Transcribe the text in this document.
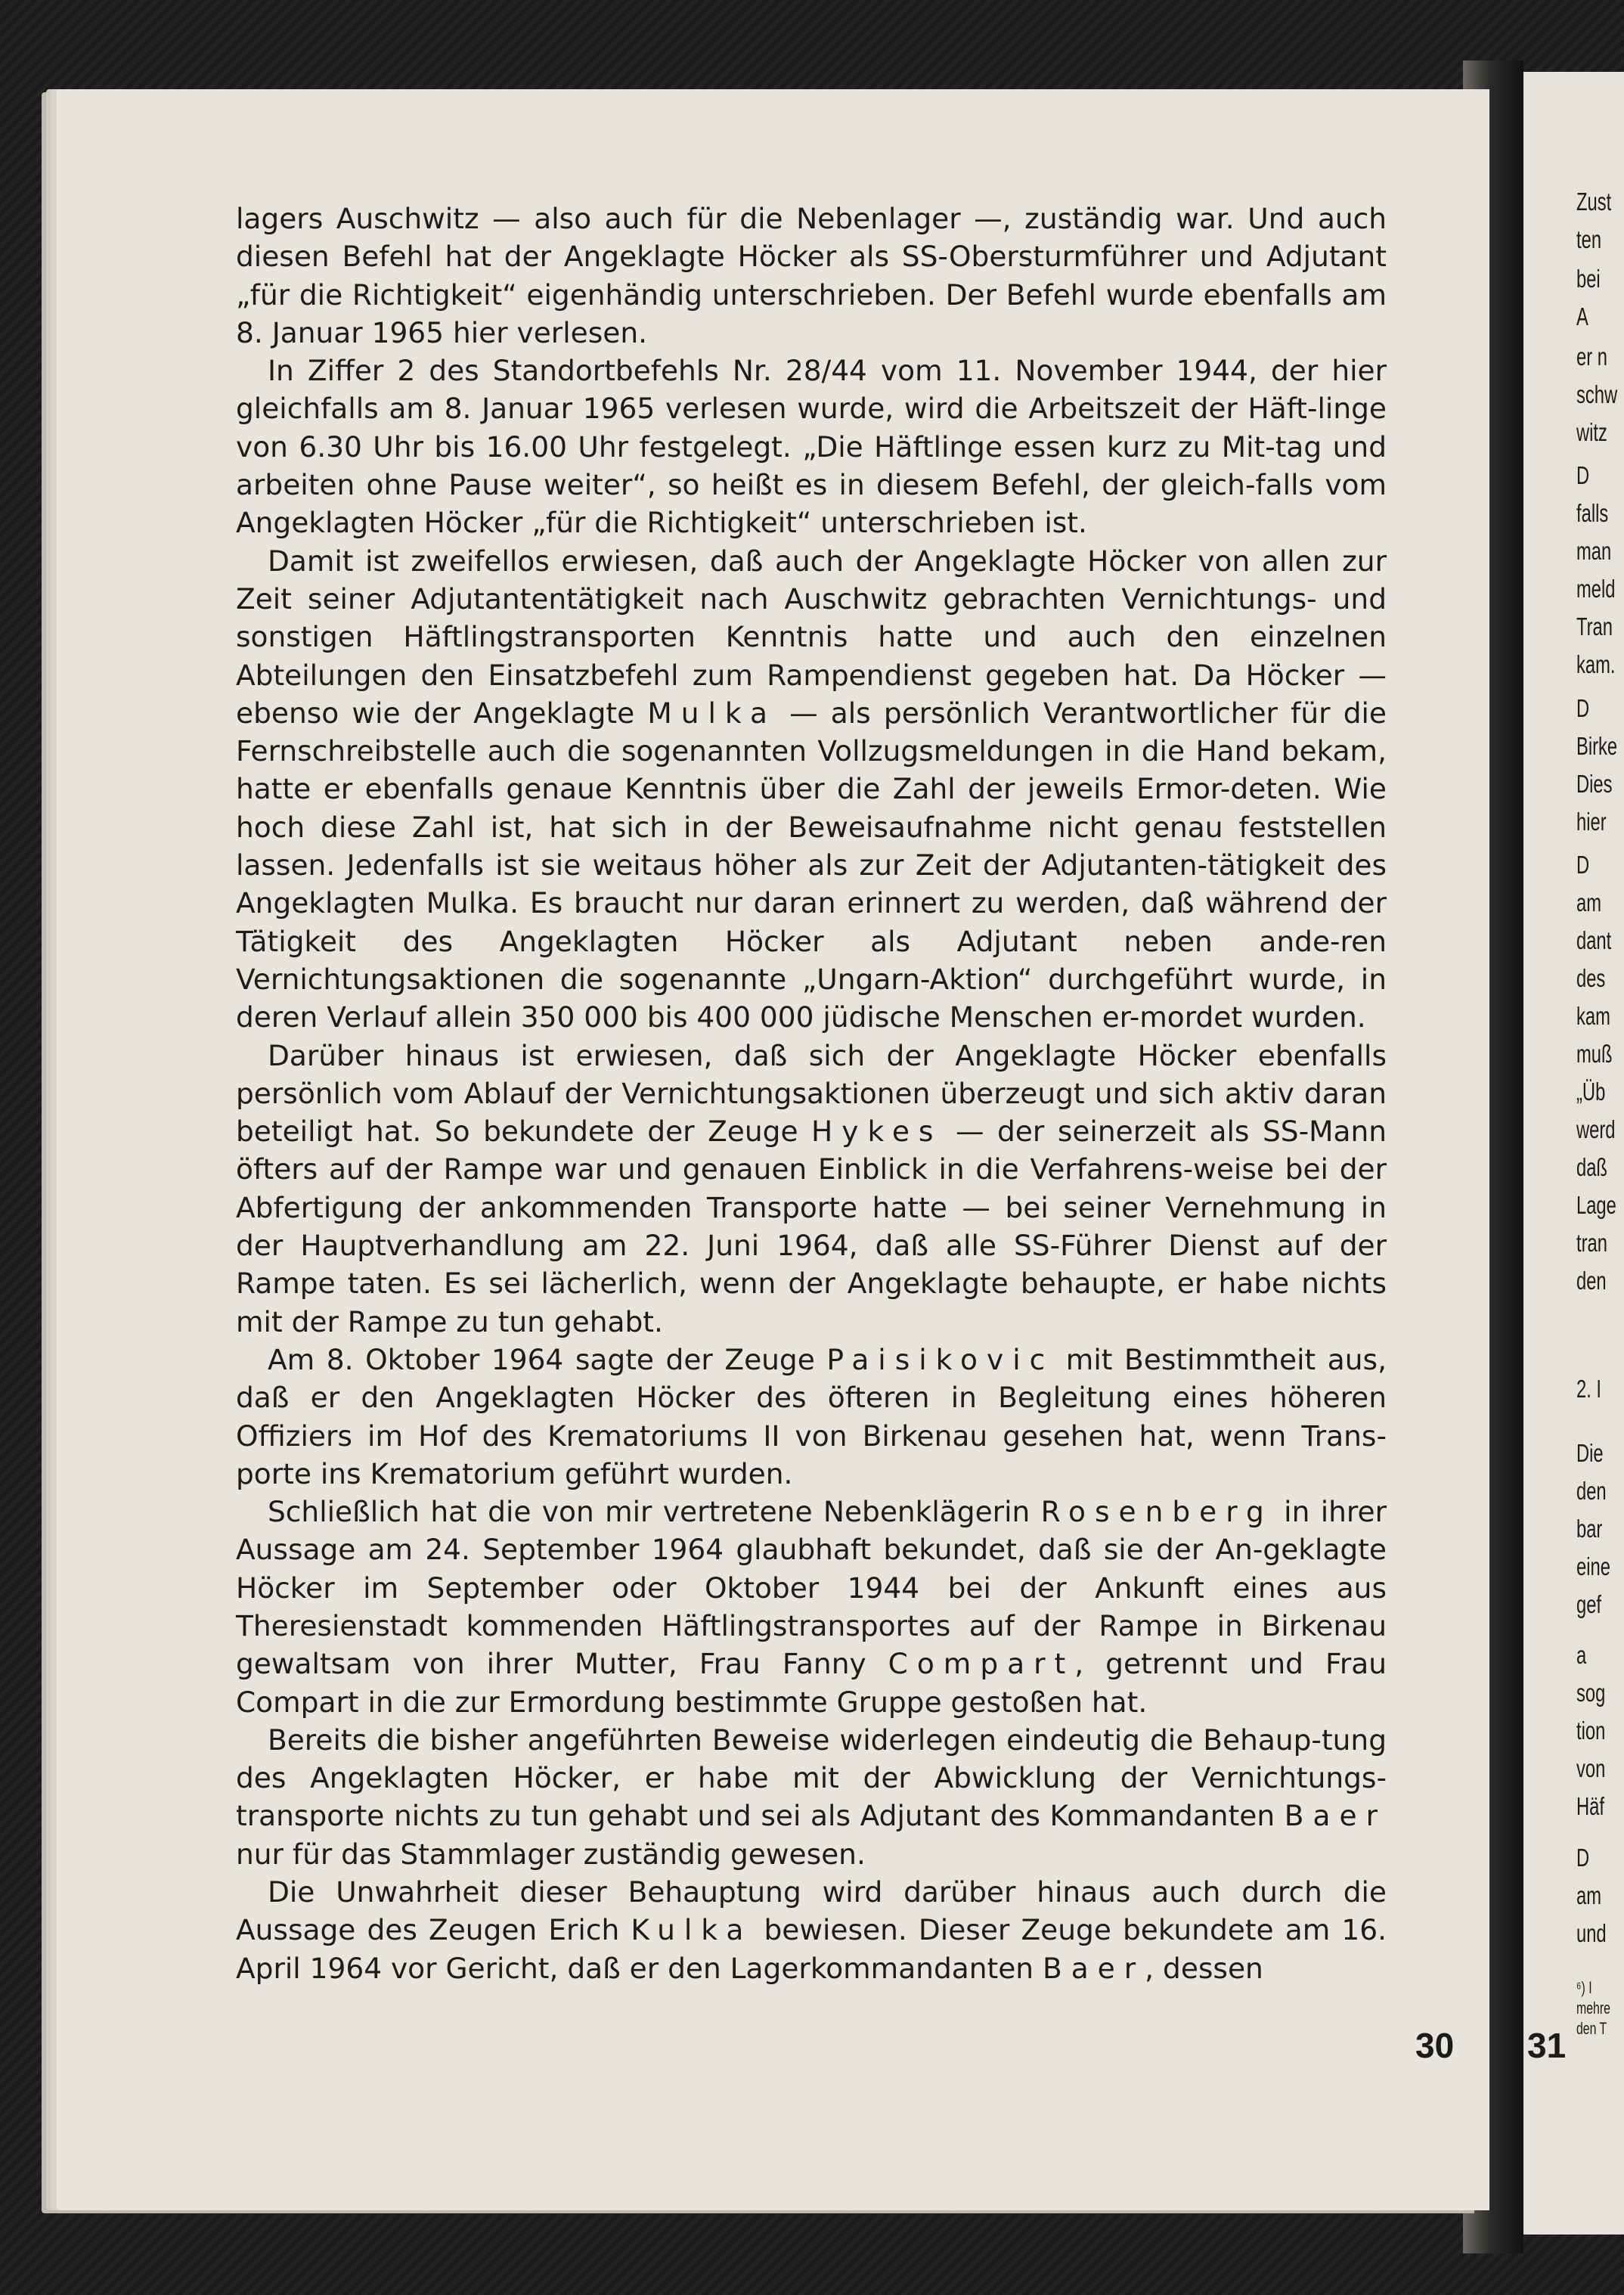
lagers Auschwitz — also auch für die Nebenlager —, zuständig war. Und auch diesen Befehl hat der Angeklagte Höcker als SS-Obersturmführer und Adjutant „für die Richtigkeit“ eigenhändig unterschrieben. Der Befehl wurde ebenfalls am 8. Januar 1965 hier verlesen.

In Ziffer 2 des Standortbefehls Nr. 28/44 vom 11. November 1944, der hier gleichfalls am 8. Januar 1965 verlesen wurde, wird die Arbeitszeit der Häft-linge von 6.30 Uhr bis 16.00 Uhr festgelegt. „Die Häftlinge essen kurz zu Mit-tag und arbeiten ohne Pause weiter“, so heißt es in diesem Befehl, der gleich-falls vom Angeklagten Höcker „für die Richtigkeit“ unterschrieben ist.

Damit ist zweifellos erwiesen, daß auch der Angeklagte Höcker von allen zur Zeit seiner Adjutantentätigkeit nach Auschwitz gebrachten Vernichtungs- und sonstigen Häftlingstransporten Kenntnis hatte und auch den einzelnen Abteilungen den Einsatzbefehl zum Rampendienst gegeben hat. Da Höcker — ebenso wie der Angeklagte Mulka — als persönlich Verantwortlicher für die Fernschreibstelle auch die sogenannten Vollzugsmeldungen in die Hand bekam, hatte er ebenfalls genaue Kenntnis über die Zahl der jeweils Ermor-deten. Wie hoch diese Zahl ist, hat sich in der Beweisaufnahme nicht genau feststellen lassen. Jedenfalls ist sie weitaus höher als zur Zeit der Adjutanten-tätigkeit des Angeklagten Mulka. Es braucht nur daran erinnert zu werden, daß während der Tätigkeit des Angeklagten Höcker als Adjutant neben ande-ren Vernichtungsaktionen die sogenannte „Ungarn-Aktion“ durchgeführt wurde, in deren Verlauf allein 350 000 bis 400 000 jüdische Menschen er-mordet wurden.

Darüber hinaus ist erwiesen, daß sich der Angeklagte Höcker ebenfalls persönlich vom Ablauf der Vernichtungsaktionen überzeugt und sich aktiv daran beteiligt hat. So bekundete der Zeuge Hykes — der seinerzeit als SS-Mann öfters auf der Rampe war und genauen Einblick in die Verfahrens-weise bei der Abfertigung der ankommenden Transporte hatte — bei seiner Vernehmung in der Hauptverhandlung am 22. Juni 1964, daß alle SS-Führer Dienst auf der Rampe taten. Es sei lächerlich, wenn der Angeklagte behaupte, er habe nichts mit der Rampe zu tun gehabt.

Am 8. Oktober 1964 sagte der Zeuge Paisikovic mit Bestimmtheit aus, daß er den Angeklagten Höcker des öfteren in Begleitung eines höheren Offiziers im Hof des Krematoriums II von Birkenau gesehen hat, wenn Trans-porte ins Krematorium geführt wurden.

Schließlich hat die von mir vertretene Nebenklägerin Rosenberg in ihrer Aussage am 24. September 1964 glaubhaft bekundet, daß sie der An-geklagte Höcker im September oder Oktober 1944 bei der Ankunft eines aus Theresienstadt kommenden Häftlingstransportes auf der Rampe in Birkenau gewaltsam von ihrer Mutter, Frau Fanny Compart, getrennt und Frau Compart in die zur Ermordung bestimmte Gruppe gestoßen hat.

Bereits die bisher angeführten Beweise widerlegen eindeutig die Behaup-tung des Angeklagten Höcker, er habe mit der Abwicklung der Vernichtungs-transporte nichts zu tun gehabt und sei als Adjutant des Kommandanten Baer nur für das Stammlager zuständig gewesen.

Die Unwahrheit dieser Behauptung wird darüber hinaus auch durch die Aussage des Zeugen Erich Kulka bewiesen. Dieser Zeuge bekundete am 16. April 1964 vor Gericht, daß er den Lagerkommandanten Baer, dessen

30 31
Zust
ten
bei
A
er n
schw
witz
D
falls
man
meld
Tran
kam.
D
Birke
Dies
hier
D
am
dant
des
kam
muß
„Üb
werd
daß
Lage
tran
den
2. I
Die
den
bar
eine
gef
a
sog
tion
von
Häf
D
am
und
⁶) I
mehre
den T
